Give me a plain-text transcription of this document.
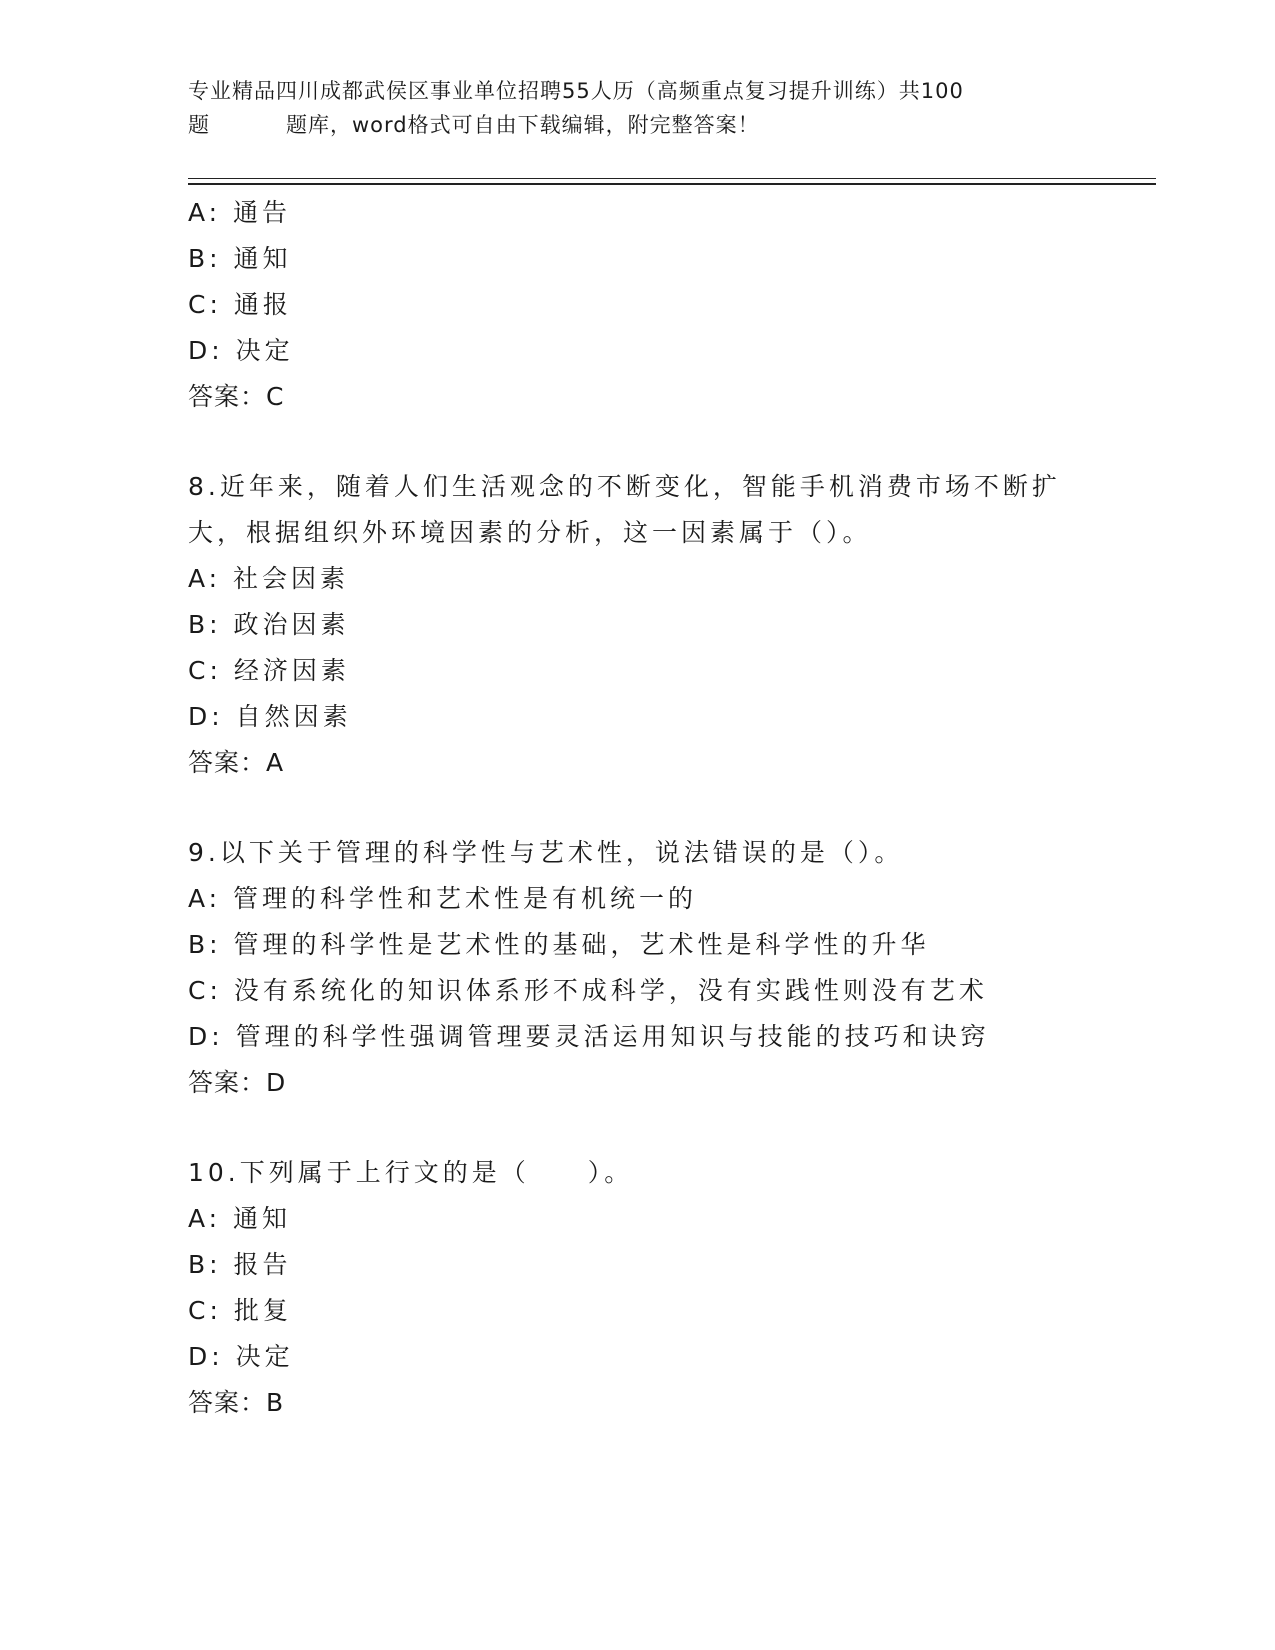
专业精品四川成都武侯区事业单位招聘55人历（高频重点复习提升训练）共100

题	题库，word格式可自由下载编辑，附完整答案！
A: 通告
B: 通知
C: 通报
D: 决定
答案：C
8.近年来，随着人们生活观念的不断变化，智能手机消费市场不断扩
大，根据组织外环境因素的分析，这一因素属于（）。
A: 社会因素
B: 政治因素
C: 经济因素
D: 自然因素
答案：A
9.以下关于管理的科学性与艺术性，说法错误的是（）。
A: 管理的科学性和艺术性是有机统一的
B: 管理的科学性是艺术性的基础，艺术性是科学性的升华
C: 没有系统化的知识体系形不成科学，没有实践性则没有艺术
D: 管理的科学性强调管理要灵活运用知识与技能的技巧和诀窍
答案：D
10.下列属于上行文的是（　　）。
A: 通知
B: 报告
C: 批复
D: 决定
答案：B
